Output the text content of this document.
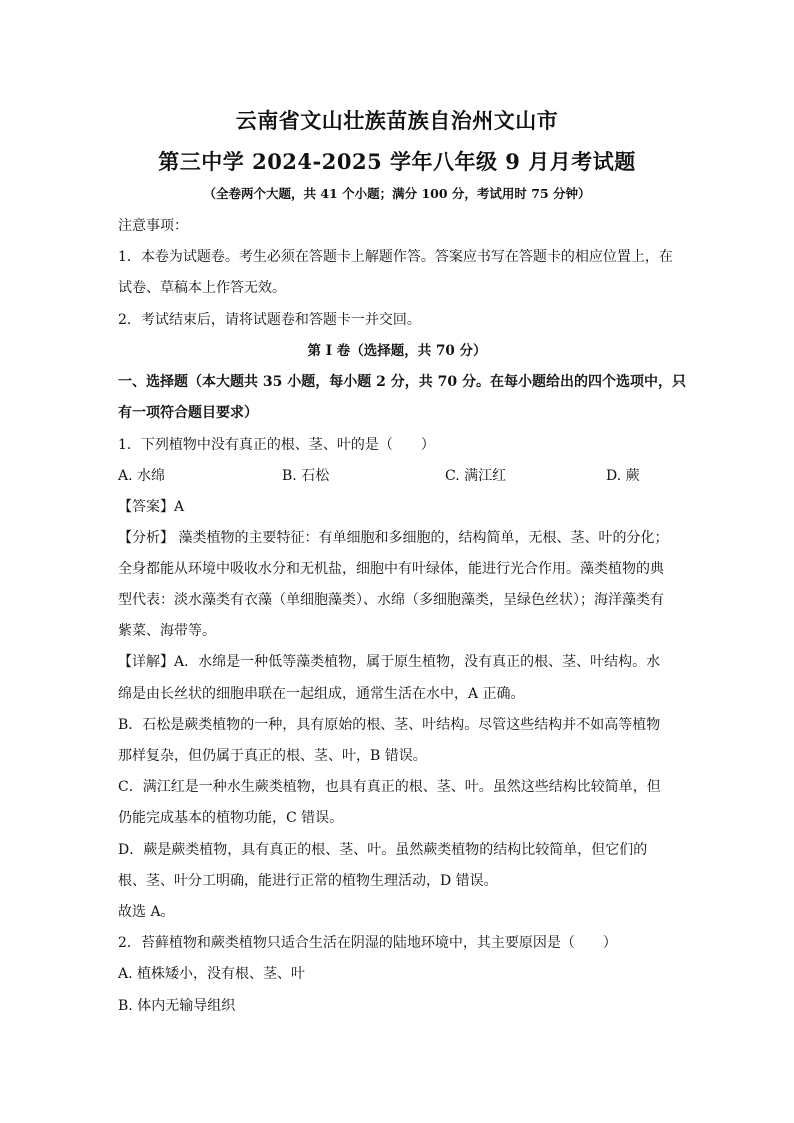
云南省文山壮族苗族自治州文山市
第三中学 2024-2025 学年八年级 9 月月考试题
（全卷两个大题，共 41 个小题；满分 100 分，考试用时 75 分钟）
注意事项：
1．本卷为试题卷。考生必须在答题卡上解题作答。答案应书写在答题卡的相应位置上，在
试卷、草稿本上作答无效。
2．考试结束后，请将试题卷和答题卡一并交回。
第 I 卷（选择题，共 70 分）
一、选择题（本大题共 35 小题，每小题 2 分，共 70 分。在每小题给出的四个选项中，只
有一项符合题目要求）
1．下列植物中没有真正的根、茎、叶的是（　　）
A. 水绵	B. 石松	C. 满江红	D. 蕨
【答案】A
【分析】 藻类植物的主要特征：有单细胞和多细胞的，结构简单，无根、茎、叶的分化；
全身都能从环境中吸收水分和无机盐，细胞中有叶绿体，能进行光合作用。藻类植物的典
型代表：淡水藻类有衣藻（单细胞藻类）、水绵（多细胞藻类，呈绿色丝状）；海洋藻类有
紫菜、海带等。
【详解】A．水绵是一种低等藻类植物，属于原生植物，没有真正的根、茎、叶结构。水
绵是由长丝状的细胞串联在一起组成，通常生活在水中，A 正确。
B．石松是蕨类植物的一种，具有原始的根、茎、叶结构。尽管这些结构并不如高等植物
那样复杂，但仍属于真正的根、茎、叶，B 错误。
C．满江红是一种水生蕨类植物，也具有真正的根、茎、叶。虽然这些结构比较简单，但
仍能完成基本的植物功能，C 错误。
D．蕨是蕨类植物，具有真正的根、茎、叶。虽然蕨类植物的结构比较简单，但它们的
根、茎、叶分工明确，能进行正常的植物生理活动，D 错误。
故选 A。
2．苔藓植物和蕨类植物只适合生活在阴湿的陆地环境中，其主要原因是（　　）
A. 植株矮小，没有根、茎、叶
B. 体内无输导组织
